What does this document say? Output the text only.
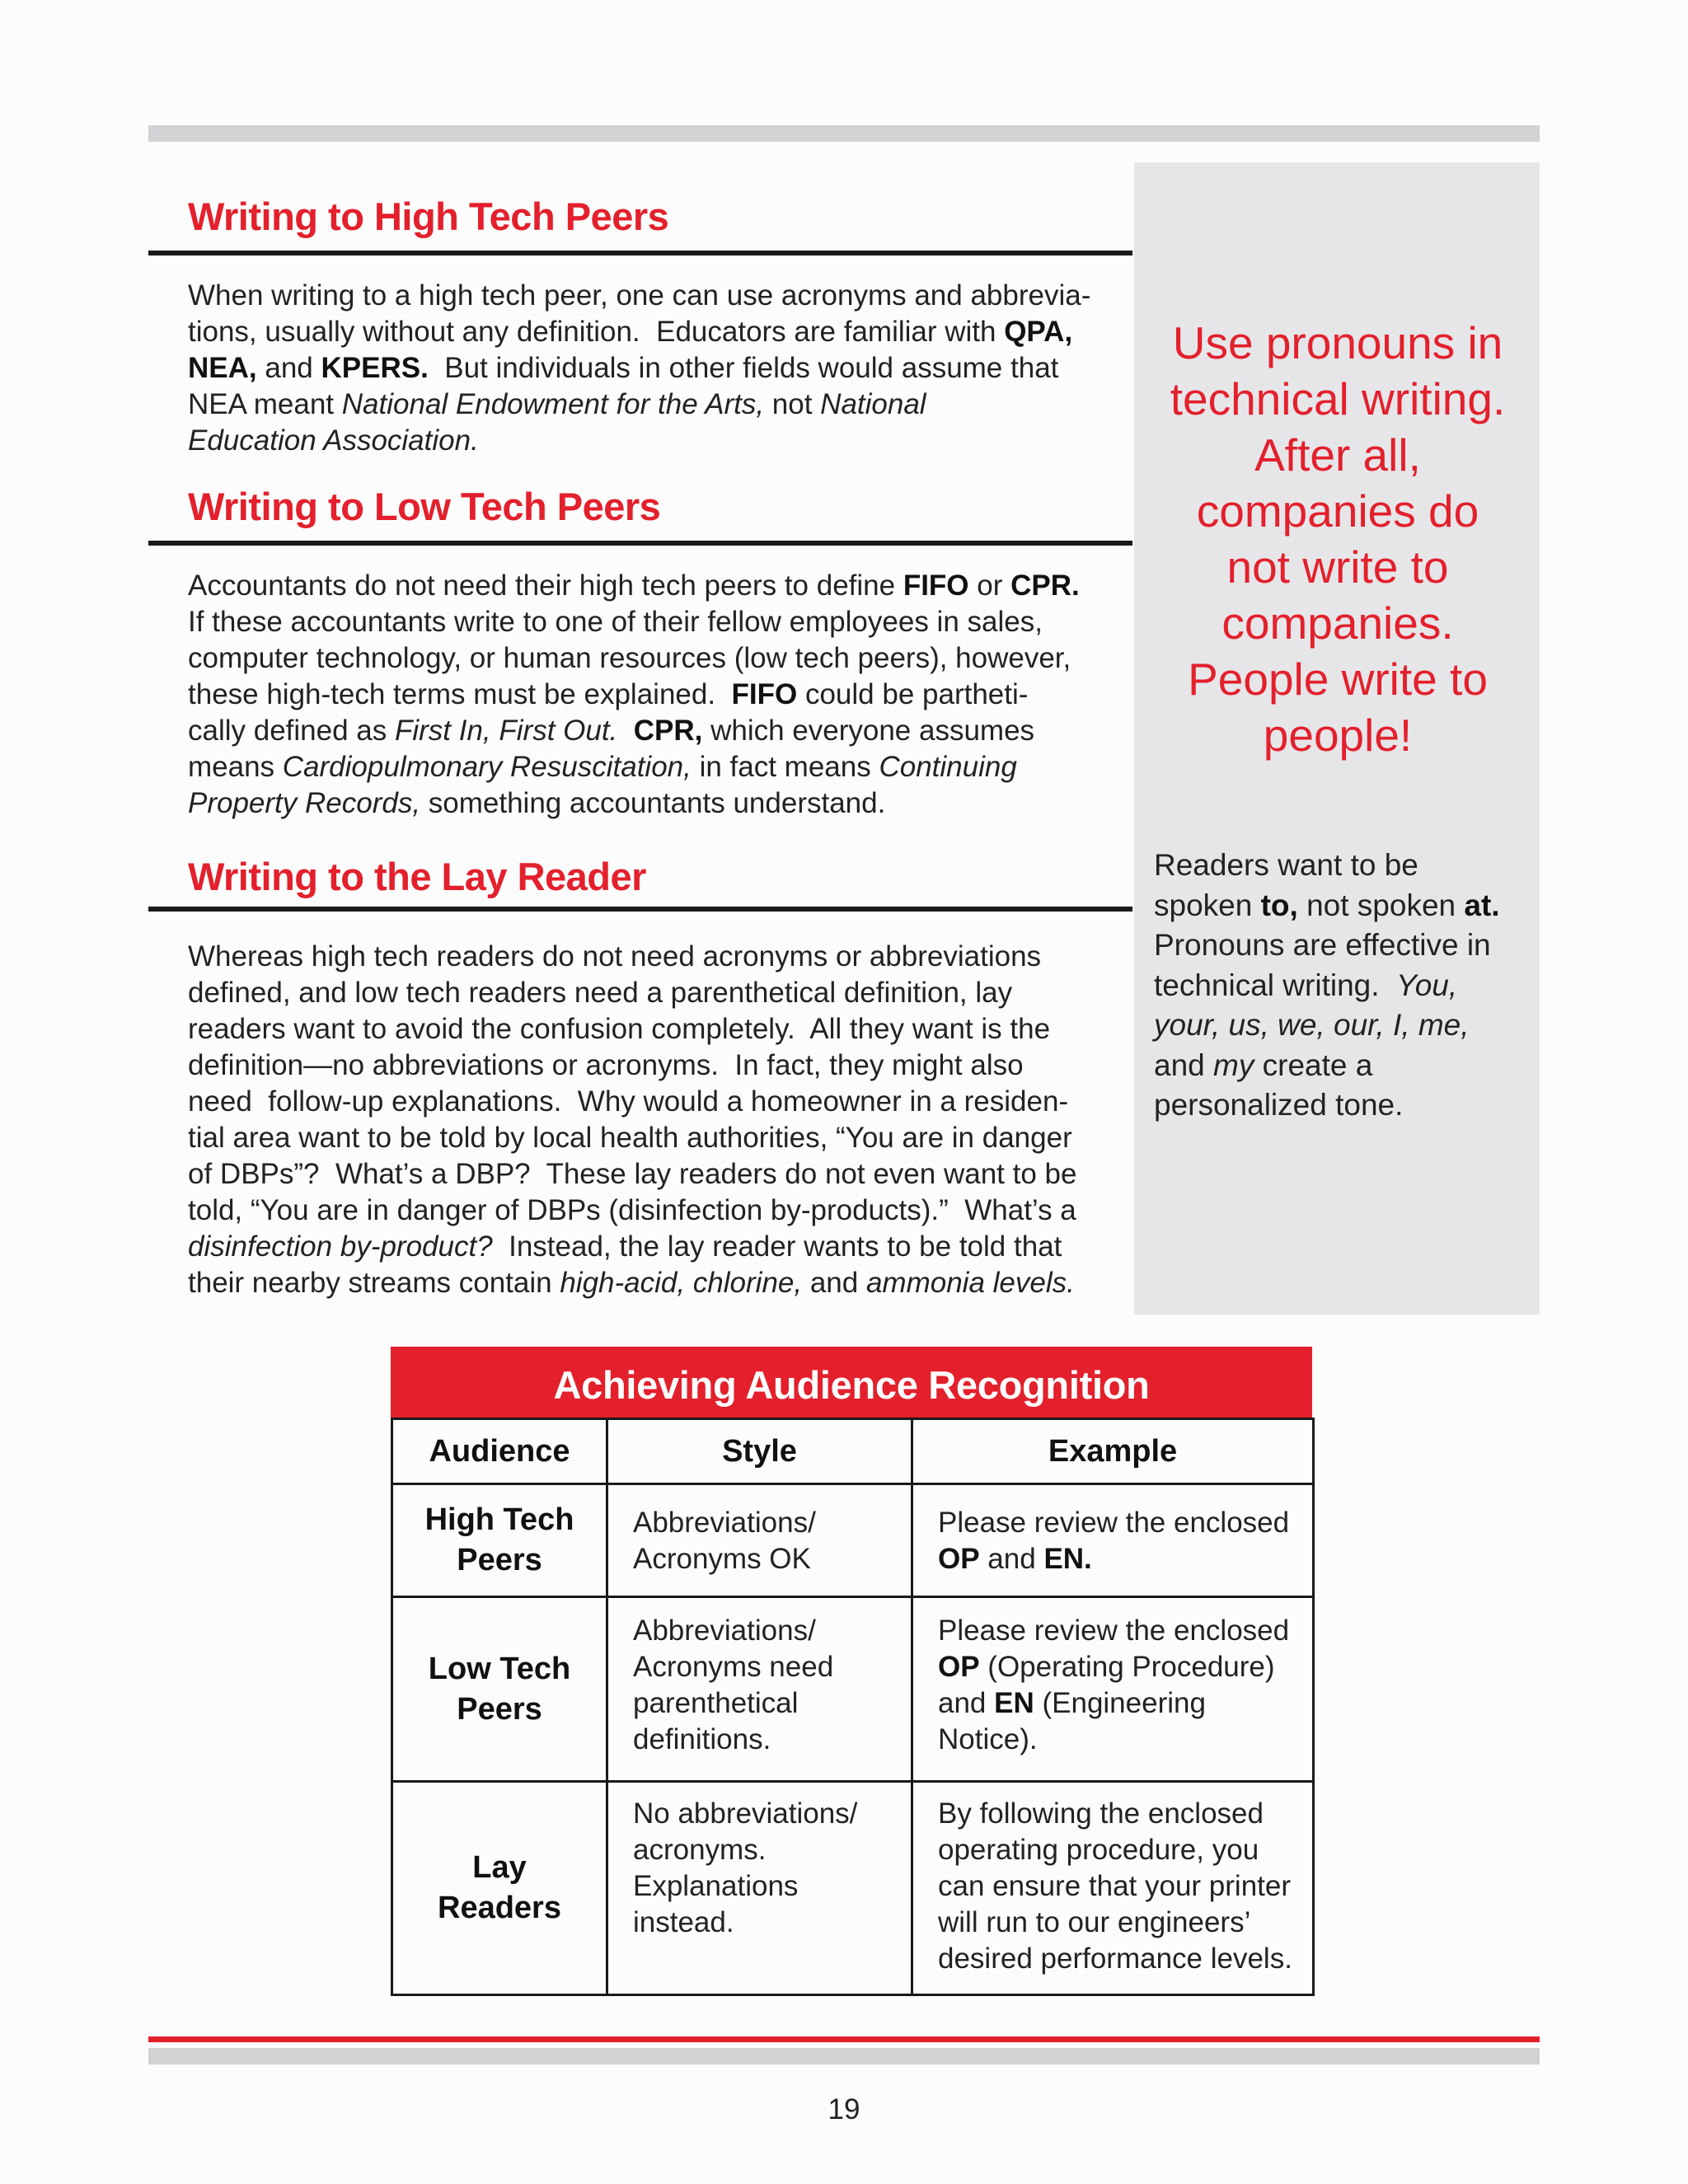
Writing to High Tech Peers

When writing to a high tech peer, one can use acronyms and abbrevia-
tions, usually without any definition.  Educators are familiar with QPA,
NEA, and KPERS.  But individuals in other fields would assume that
NEA meant National Endowment for the Arts, not National
Education Association.

Writing to Low Tech Peers

Accountants do not need their high tech peers to define FIFO or CPR.
If these accountants write to one of their fellow employees in sales,
computer technology, or human resources (low tech peers), however,
these high-tech terms must be explained.  FIFO could be partheti-
cally defined as First In, First Out. CPR, which everyone assumes
means Cardiopulmonary Resuscitation, in fact means Continuing
Property Records, something accountants understand.

Writing to the Lay Reader

Whereas high tech readers do not need acronyms or abbreviations
defined, and low tech readers need a parenthetical definition, lay
readers want to avoid the confusion completely.  All they want is the
definition—no abbreviations or acronyms.  In fact, they might also
need  follow-up explanations.  Why would a homeowner in a residen-
tial area want to be told by local health authorities, “You are in danger
of DBPs”?  What’s a DBP?  These lay readers do not even want to be
told, “You are in danger of DBPs (disinfection by-products).”  What’s a
disinfection by-product?  Instead, the lay reader wants to be told that
their nearby streams contain high-acid, chlorine, and ammonia levels.

Use pronouns in
technical writing.
After all,
companies do
not write to
companies.
People write to
people!

Readers want to be
spoken to, not spoken at.
Pronouns are effective in
technical writing.  You,
your, us, we, our, I, me,
and my create a
personalized tone.

Achieving Audience Recognition
Audience	Style	Example

High Tech
Peers	Abbreviations/
Acronyms OK	Please review the enclosed
OP and EN.

Low Tech
Peers	Abbreviations/
Acronyms need
parenthetical
definitions.	Please review the enclosed
OP (Operating Procedure)
and EN (Engineering
Notice).

Lay
Readers	No abbreviations/
acronyms.
Explanations
instead.	By following the enclosed
operating procedure, you
can ensure that your printer
will run to our engineers’
desired performance levels.
19
